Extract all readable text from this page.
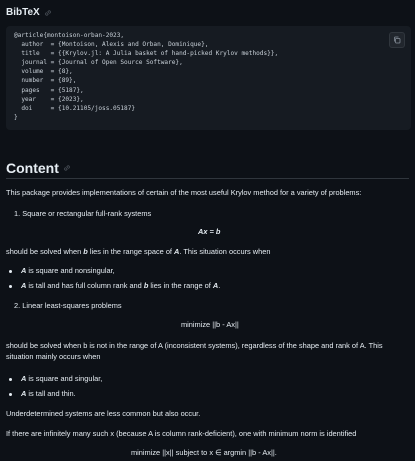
BibTeX
@article{montoison-orban-2023,
author  = {Montoison, Alexis and Orban, Dominique},
title   = {{Krylov.jl: A Julia basket of hand-picked Krylov methods}},
journal = {Journal of Open Source Software},
volume  = {8},
number  = {89},
pages   = {5187},
year    = {2023},
doi     = {10.21105/joss.05187}
}
Content
This package provides implementations of certain of the most useful Krylov method for a variety of problems:
1. Square or rectangular full-rank systems
Ax = b
should be solved when b lies in the range space of A. This situation occurs when
A is square and nonsingular,
A is tall and has full column rank and b lies in the range of A.
2. Linear least-squares problems
minimize ||b - Ax||
should be solved when b is not in the range of A (inconsistent systems), regardless of the shape and rank of A. This
situation mainly occurs when
A is square and singular,
A is tall and thin.
Underdetermined systems are less common but also occur.
If there are infinitely many such x (because A is column rank-deficient), one with minimum norm is identified
minimize ||x|| subject to x ∈ argmin ||b - Ax||.
